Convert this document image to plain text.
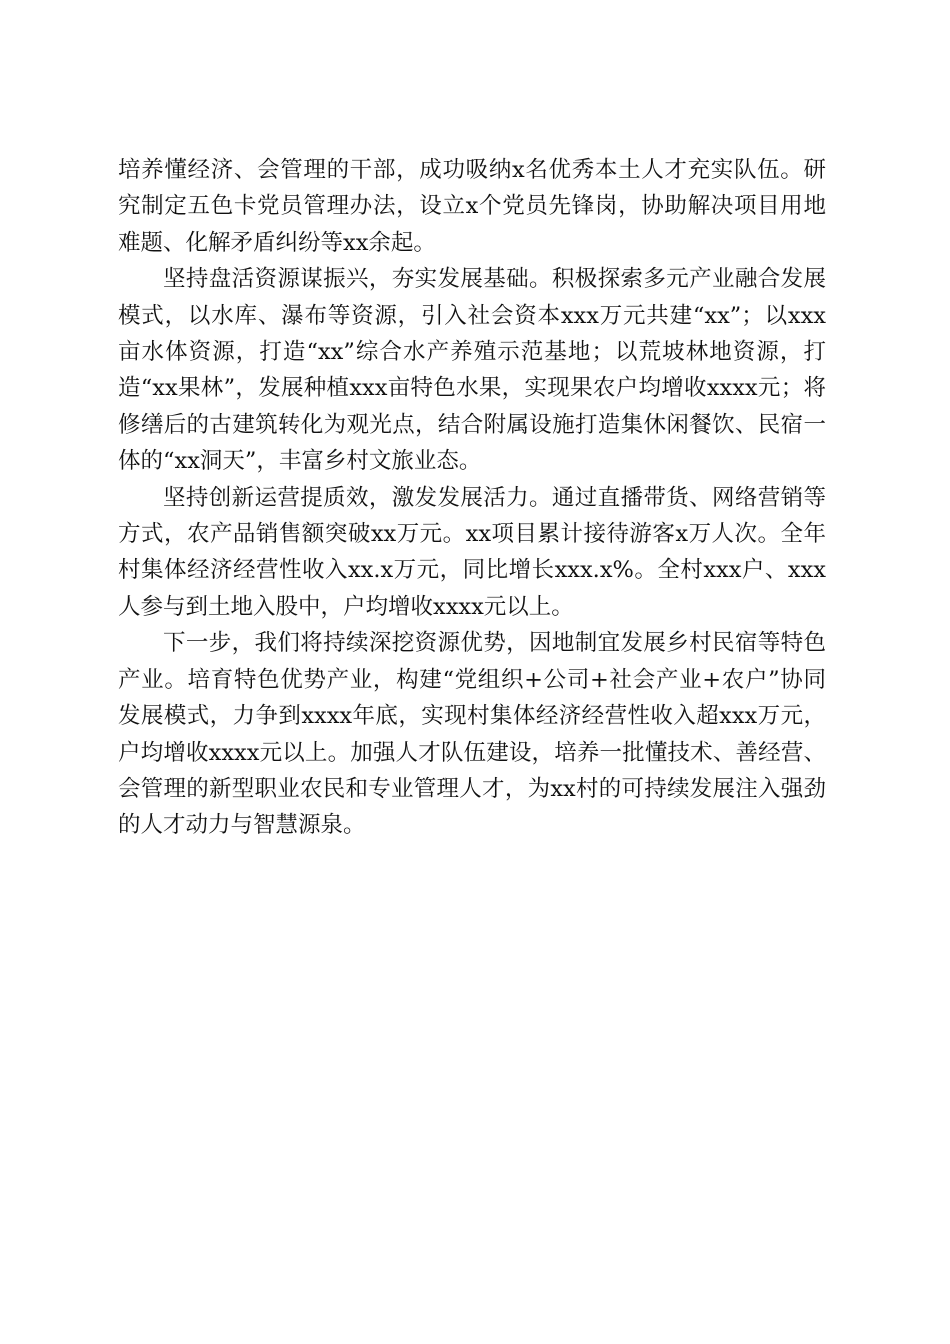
培养懂经济、会管理的干部，成功吸纳x名优秀本土人才充实队伍。研究制定五色卡党员管理办法，设立x个党员先锋岗，协助解决项目用地难题、化解矛盾纠纷等xx余起。

坚持盘活资源谋振兴，夯实发展基础。积极探索多元产业融合发展模式，以水库、瀑布等资源，引入社会资本xxx万元共建“xx”；以xxx亩水体资源，打造“xx”综合水产养殖示范基地；以荒坡林地资源，打造“xx果林”，发展种植xxx亩特色水果，实现果农户均增收xxxx元；将修缮后的古建筑转化为观光点，结合附属设施打造集休闲餐饮、民宿一体的“xx洞天”，丰富乡村文旅业态。

坚持创新运营提质效，激发发展活力。通过直播带货、网络营销等方式，农产品销售额突破xx万元。xx项目累计接待游客x万人次。全年村集体经济经营性收入xx.x万元，同比增长xxx.x%。全村xxx户、xxx人参与到土地入股中，户均增收xxxx元以上。

下一步，我们将持续深挖资源优势，因地制宜发展乡村民宿等特色产业。培育特色优势产业，构建“党组织+公司+社会产业+农户”协同发展模式，力争到xxxx年底，实现村集体经济经营性收入超xxx万元，户均增收xxxx元以上。加强人才队伍建设，培养一批懂技术、善经营、会管理的新型职业农民和专业管理人才，为xx村的可持续发展注入强劲的人才动力与智慧源泉。
